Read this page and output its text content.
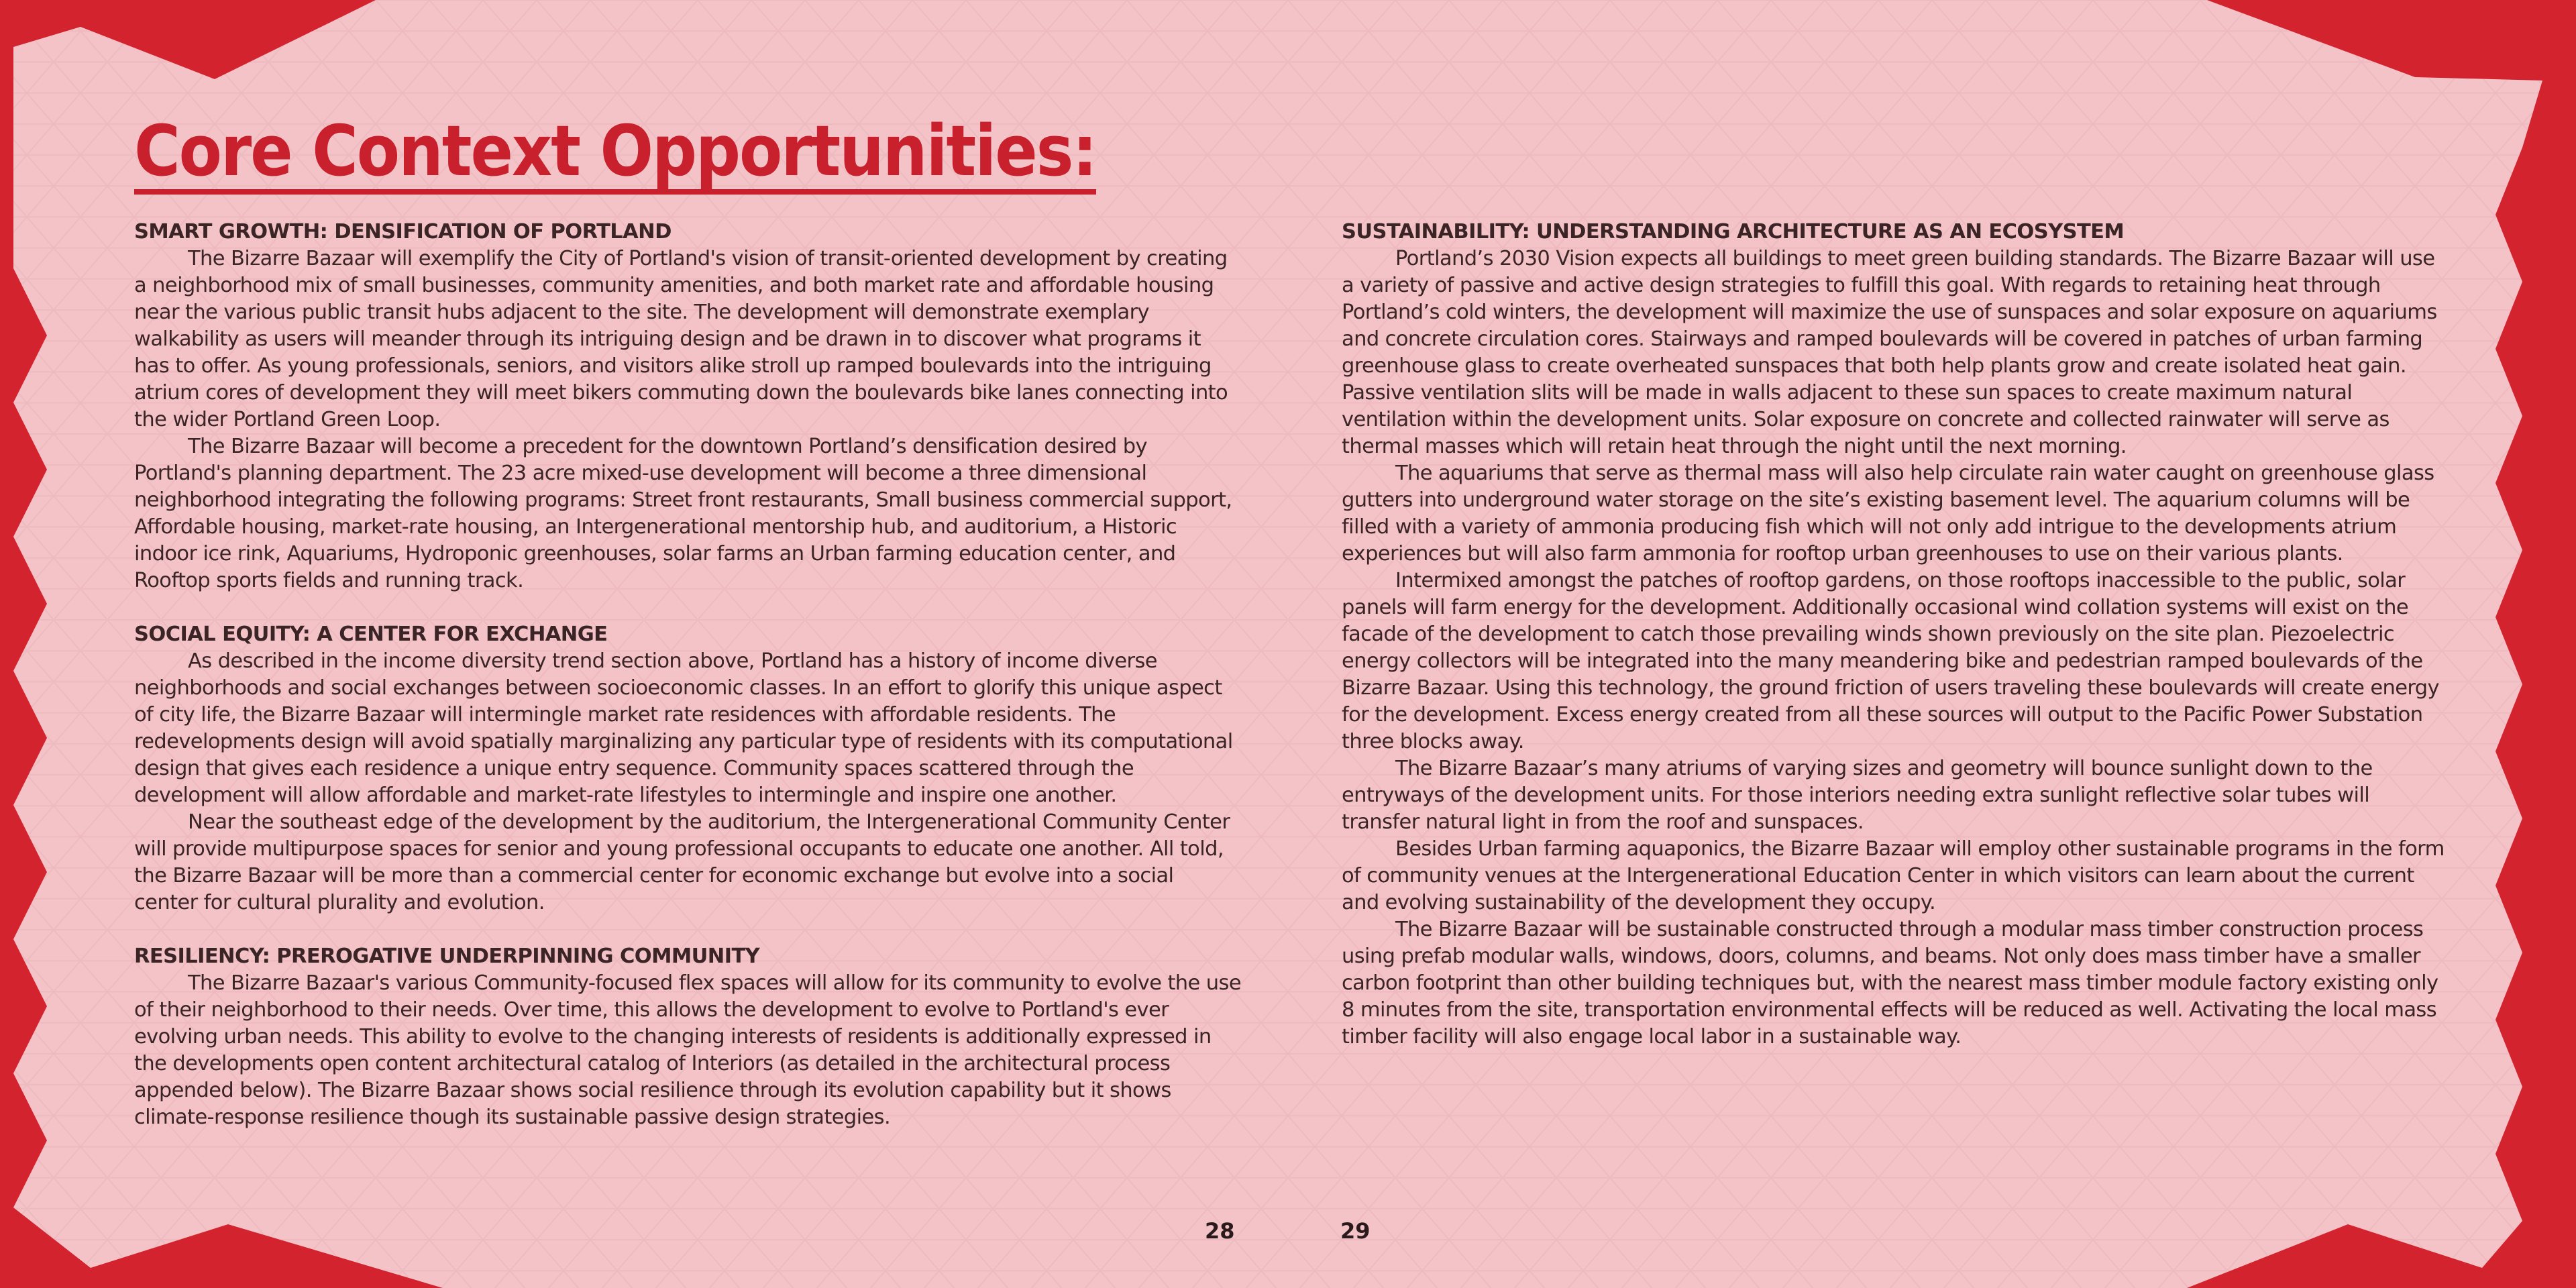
Core Context Opportunities:

SMART GROWTH: DENSIFICATION OF PORTLAND

The Bizarre Bazaar will exemplify the City of Portland's vision of transit-oriented development by creating a neighborhood mix of small businesses, community amenities, and both market rate and affordable housing near the various public transit hubs adjacent to the site. The development will demonstrate exemplary walkability as users will meander through its intriguing design and be drawn in to discover what programs it has to offer. As young professionals, seniors, and visitors alike stroll up ramped boulevards into the intriguing atrium cores of development they will meet bikers commuting down the boulevards bike lanes connecting into the wider Portland Green Loop.

The Bizarre Bazaar will become a precedent for the downtown Portland’s densification desired by Portland's planning department. The 23 acre mixed-use development will become a three dimensional neighborhood integrating the following programs: Street front restaurants, Small business commercial support, Affordable housing, market-rate housing, an Intergenerational mentorship hub, and auditorium, a Historic indoor ice rink, Aquariums, Hydroponic greenhouses, solar farms an Urban farming education center, and Rooftop sports fields and running track.

SOCIAL EQUITY: A CENTER FOR EXCHANGE

As described in the income diversity trend section above, Portland has a history of income diverse neighborhoods and social exchanges between socioeconomic classes. In an effort to glorify this unique aspect of city life, the Bizarre Bazaar will intermingle market rate residences with affordable residents. The redevelopments design will avoid spatially marginalizing any particular type of residents with its computational design that gives each residence a unique entry sequence. Community spaces scattered through the development will allow affordable and market-rate lifestyles to intermingle and inspire one another.

Near the southeast edge of the development by the auditorium, the Intergenerational Community Center will provide multipurpose spaces for senior and young professional occupants to educate one another. All told, the Bizarre Bazaar will be more than a commercial center for economic exchange but evolve into a social center for cultural plurality and evolution.

RESILIENCY: PREROGATIVE UNDERPINNING COMMUNITY

The Bizarre Bazaar's various Community-focused flex spaces will allow for its community to evolve the use of their neighborhood to their needs. Over time, this allows the development to evolve to Portland's ever evolving urban needs. This ability to evolve to the changing interests of residents is additionally expressed in the developments open content architectural catalog of Interiors (as detailed in the architectural process appended below). The Bizarre Bazaar shows social resilience through its evolution capability but it shows climate-response resilience though its sustainable passive design strategies.

SUSTAINABILITY: UNDERSTANDING ARCHITECTURE AS AN ECOSYSTEM

Portland’s 2030 Vision expects all buildings to meet green building standards. The Bizarre Bazaar will use a variety of passive and active design strategies to fulfill this goal. With regards to retaining heat through Portland’s cold winters, the development will maximize the use of sunspaces and solar exposure on aquariums and concrete circulation cores. Stairways and ramped boulevards will be covered in patches of urban farming greenhouse glass to create overheated sunspaces that both help plants grow and create isolated heat gain. Passive ventilation slits will be made in walls adjacent to these sun spaces to create maximum natural ventilation within the development units. Solar exposure on concrete and collected rainwater will serve as thermal masses which will retain heat through the night until the next morning.

The aquariums that serve as thermal mass will also help circulate rain water caught on greenhouse glass gutters into underground water storage on the site’s existing basement level. The aquarium columns will be filled with a variety of ammonia producing fish which will not only add intrigue to the developments atrium experiences but will also farm ammonia for rooftop urban greenhouses to use on their various plants.

Intermixed amongst the patches of rooftop gardens, on those rooftops inaccessible to the public, solar panels will farm energy for the development. Additionally occasional wind collation systems will exist on the facade of the development to catch those prevailing winds shown previously on the site plan. Piezoelectric energy collectors will be integrated into the many meandering bike and pedestrian ramped boulevards of the Bizarre Bazaar. Using this technology, the ground friction of users traveling these boulevards will create energy for the development. Excess energy created from all these sources will output to the Pacific Power Substation three blocks away.

The Bizarre Bazaar’s many atriums of varying sizes and geometry will bounce sunlight down to the entryways of the development units. For those interiors needing extra sunlight reflective solar tubes will transfer natural light in from the roof and sunspaces.

Besides Urban farming aquaponics, the Bizarre Bazaar will employ other sustainable programs in the form of community venues at the Intergenerational Education Center in which visitors can learn about the current and evolving sustainability of the development they occupy.

The Bizarre Bazaar will be sustainable constructed through a modular mass timber construction process using prefab modular walls, windows, doors, columns, and beams. Not only does mass timber have a smaller carbon footprint than other building techniques but, with the nearest mass timber module factory existing only 8 minutes from the site, transportation environmental effects will be reduced as well. Activating the local mass timber facility will also engage local labor in a sustainable way.

28	29
